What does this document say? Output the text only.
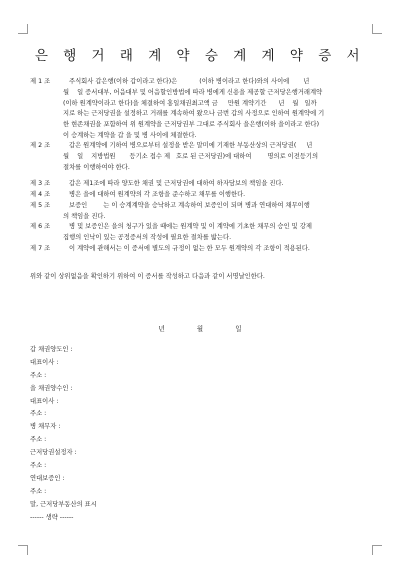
은 행 거 래 계 약 승 계 계 약 증 서
제 1 조	주식회사 갑은행(이하 갑이라고 한다)은           (이하 병이라고 한다)와의 사이에       년
월    일 증서대부, 어음대부 및 어음할인방법에 따라 병에게 신용을 제공할 근저당은행거래계약
(이하 원계약이라고 한다)을 체결하여 홍일채권최고액 금     만원 계약기간      년    월   일까
지로 하는 근저당권을 설정하고 거래를 계속하여 왔으나 금번 갑의 사정으로 인하여 원계약에 기
한 현존채권을 포함하여 위 원계약을 근저당권부 그대로 주식회사 을은행(이하 을이라고 한다)
이 승계하는 계약을 갑 을 및 병 사이에 체결한다.
제 2 조	갑은 원계약에 기하여 병으로부터 설정을 받은 말미에 기재한 부동산상의 근저당권(     년
월    일    지방법원       등기소 접수 제   호로 된 근저당권)에 대하여        명의로 이전등기의
절차를 이행하여야 한다.
제 3 조	갑은 제1조에 따라 양도한 채권 및 근저당권에 대하여 하자담보의 책임을 진다.
제 4 조	병은 을에 대하여 원계약의 각 조항을 준수하고 채무를 이행한다.
제 5 조	보증인        는 이 승계계약을 승낙하고 계속하여 보증인이 되며 병과 연대하여 채무이행
의 책임을 진다.
제 6 조	병 및 보증인은 을의 청구가 있을 때에는 원계약 및 이 계약에 기초한 채무의 승인 및 강제
집행의 인낙이 있는 공정증서의 작성에 필요한 절차를 밟는다.
제 7 조	이 계약에 관해서는 이 증서에 별도의 규정이 없는 한 모두 원계약의 각 조항이 적용된다.
위와 같이 상위없음을 확인하기 위하여 이 증서를 작성하고 다음과 같이 서명날인한다.
년 월 일
갑 채권양도인 :
대표이사 :
주소 :
을 채권양수인 :
대표이사 :
주소 :
병 채무자 :
주소 :
근저당권설정자 :
주소 :
연대보증인 :
주소 :
말, 근저당부동산의 표시
------ 생략 ------
